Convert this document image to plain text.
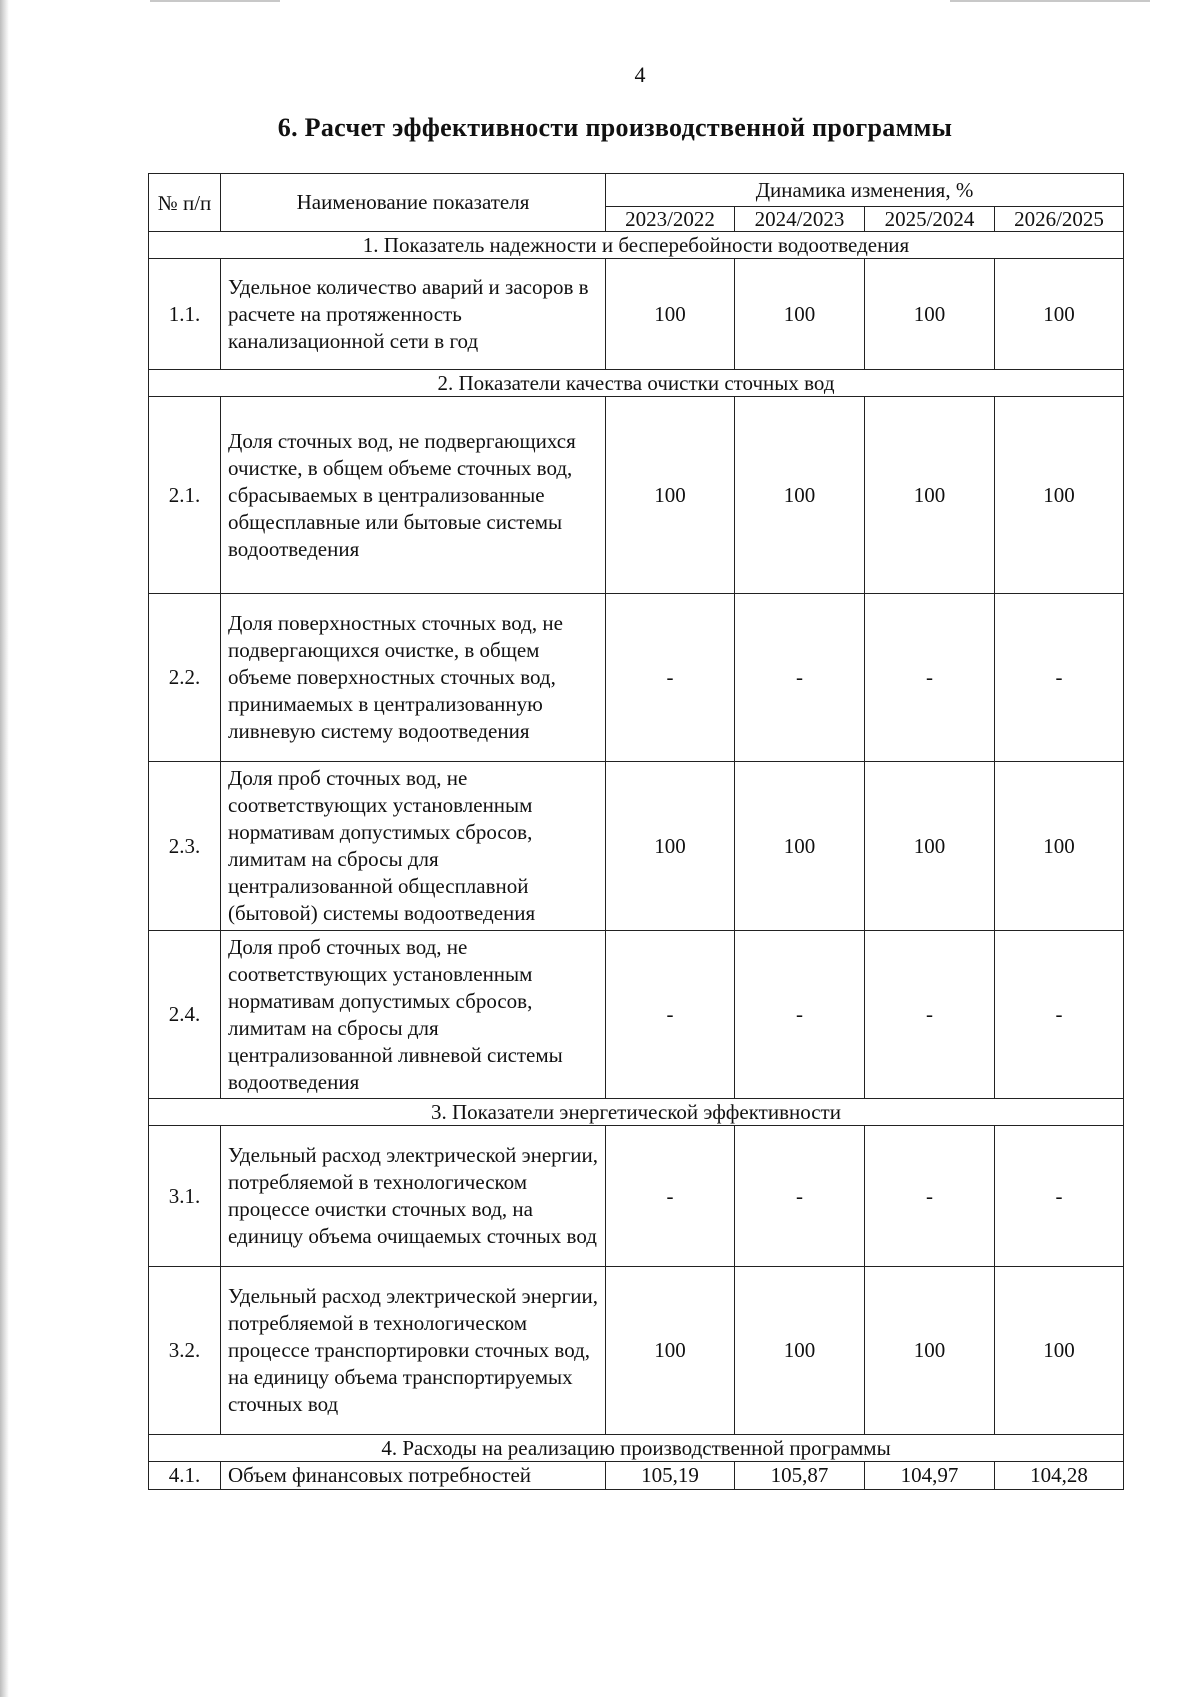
4
6. Расчет эффективности производственной программы
№ п/п	Наименование показателя	Динамика изменения, %			
		2023/2022	2024/2023	2025/2024	2026/2025
1. Показатель надежности и бесперебойности водоотведения					
1.1.	Удельное количество аварий и засоров в расчете на протяженность канализационной сети в год	100	100	100	100
2. Показатели качества очистки сточных вод					
2.1.	Доля сточных вод, не подвергающихся очистке, в общем объеме сточных вод, сбрасываемых в централизованные общесплавные или бытовые системы водоотведения	100	100	100	100
2.2.	Доля поверхностных сточных вод, не подвергающихся очистке, в общем объеме поверхностных сточных вод, принимаемых в централизованную ливневую систему водоотведения	-	-	-	-
2.3.	Доля проб сточных вод, не соответствующих установленным нормативам допустимых сбросов, лимитам на сбросы для централизованной общесплавной (бытовой) системы водоотведения	100	100	100	100
2.4.	Доля проб сточных вод, не соответствующих установленным нормативам допустимых сбросов, лимитам на сбросы для централизованной ливневой системы водоотведения	-	-	-	-
3. Показатели энергетической эффективности					
3.1.	Удельный расход электрической энергии, потребляемой в технологическом процессе очистки сточных вод, на единицу объема очищаемых сточных вод	-	-	-	-
3.2.	Удельный расход электрической энергии, потребляемой в технологическом процессе транспортировки сточных вод, на единицу объема транспортируемых сточных вод	100	100	100	100
4. Расходы на реализацию производственной программы					
4.1.	Объем финансовых потребностей	105,19	105,87	104,97	104,28
